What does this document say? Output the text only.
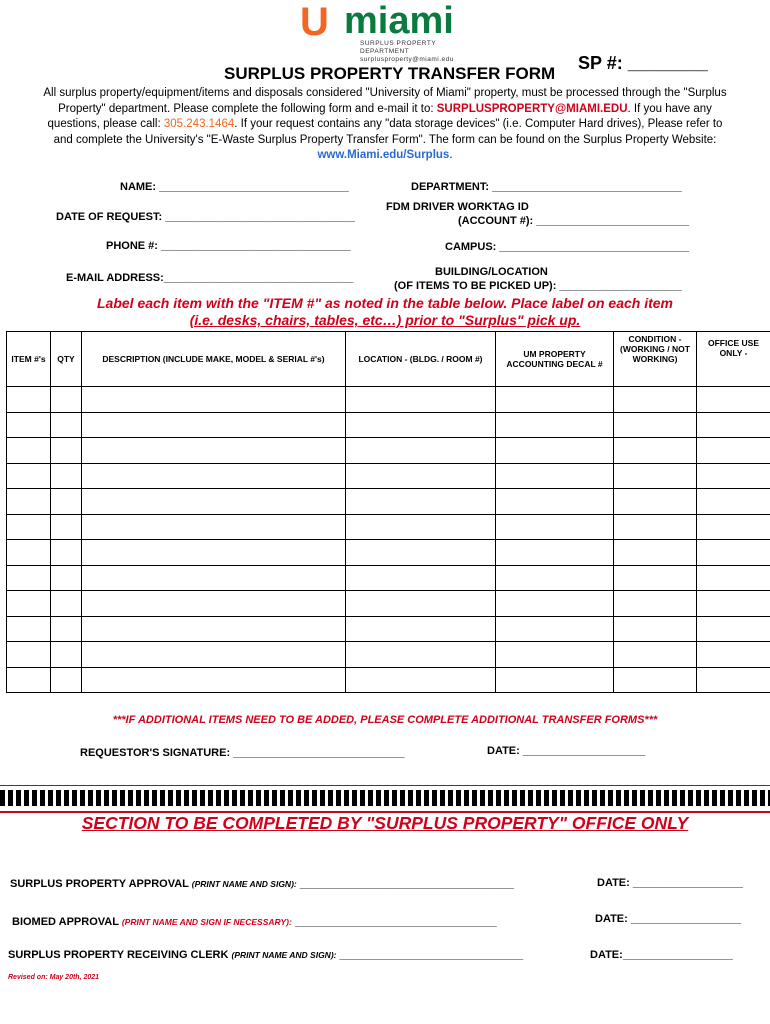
U miami
SURPLUS PROPERTY DEPARTMENT
surplusproperty@miami.edu
SURPLUS PROPERTY TRANSFER FORM
SP #: ________
All surplus property/equipment/items and disposals considered "University of Miami" property, must be processed through the "Surplus Property" department. Please complete the following form and e-mail it to: SURPLUSPROPERTY@MIAMI.EDU. If you have any questions, please call: 305.243.1464. If your request contains any "data storage devices" (i.e. Computer Hard drives), Please refer to and complete the University's "E-Waste Surplus Property Transfer Form". The form can be found on the Surplus Property Website: www.Miami.edu/Surplus.
NAME: _______________________________
DATE OF REQUEST: _______________________________
PHONE #: _______________________________
E-MAIL ADDRESS:_______________________________
DEPARTMENT: _______________________________
FDM DRIVER WORKTAG ID
(ACCOUNT #): _________________________
CAMPUS: _______________________________
BUILDING/LOCATION
(OF ITEMS TO BE PICKED UP): ____________________
Label each item with the "ITEM #" as noted in the table below. Place label on each item
(i.e. desks, chairs, tables, etc…) prior to "Surplus" pick up.
ITEM #'s	QTY	DESCRIPTION (INCLUDE MAKE, MODEL & SERIAL #'s)	LOCATION - (BLDG. / ROOM #)	UM PROPERTY ACCOUNTING DECAL #	CONDITION - (WORKING / NOT WORKING)	OFFICE USE ONLY -

***IF ADDITIONAL ITEMS NEED TO BE ADDED, PLEASE COMPLETE ADDITIONAL TRANSFER FORMS***
REQUESTOR'S SIGNATURE: ____________________________	DATE: ____________________
SECTION TO BE COMPLETED BY "SURPLUS PROPERTY" OFFICE ONLY
SURPLUS PROPERTY APPROVAL (PRINT NAME AND SIGN): ___________________________________	DATE: __________________
BIOMED APPROVAL (PRINT NAME AND SIGN IF NECESSARY): _________________________________	DATE: __________________
SURPLUS PROPERTY RECEIVING CLERK (PRINT NAME AND SIGN): ______________________________	DATE:__________________
Revised on: May 20th, 2021
